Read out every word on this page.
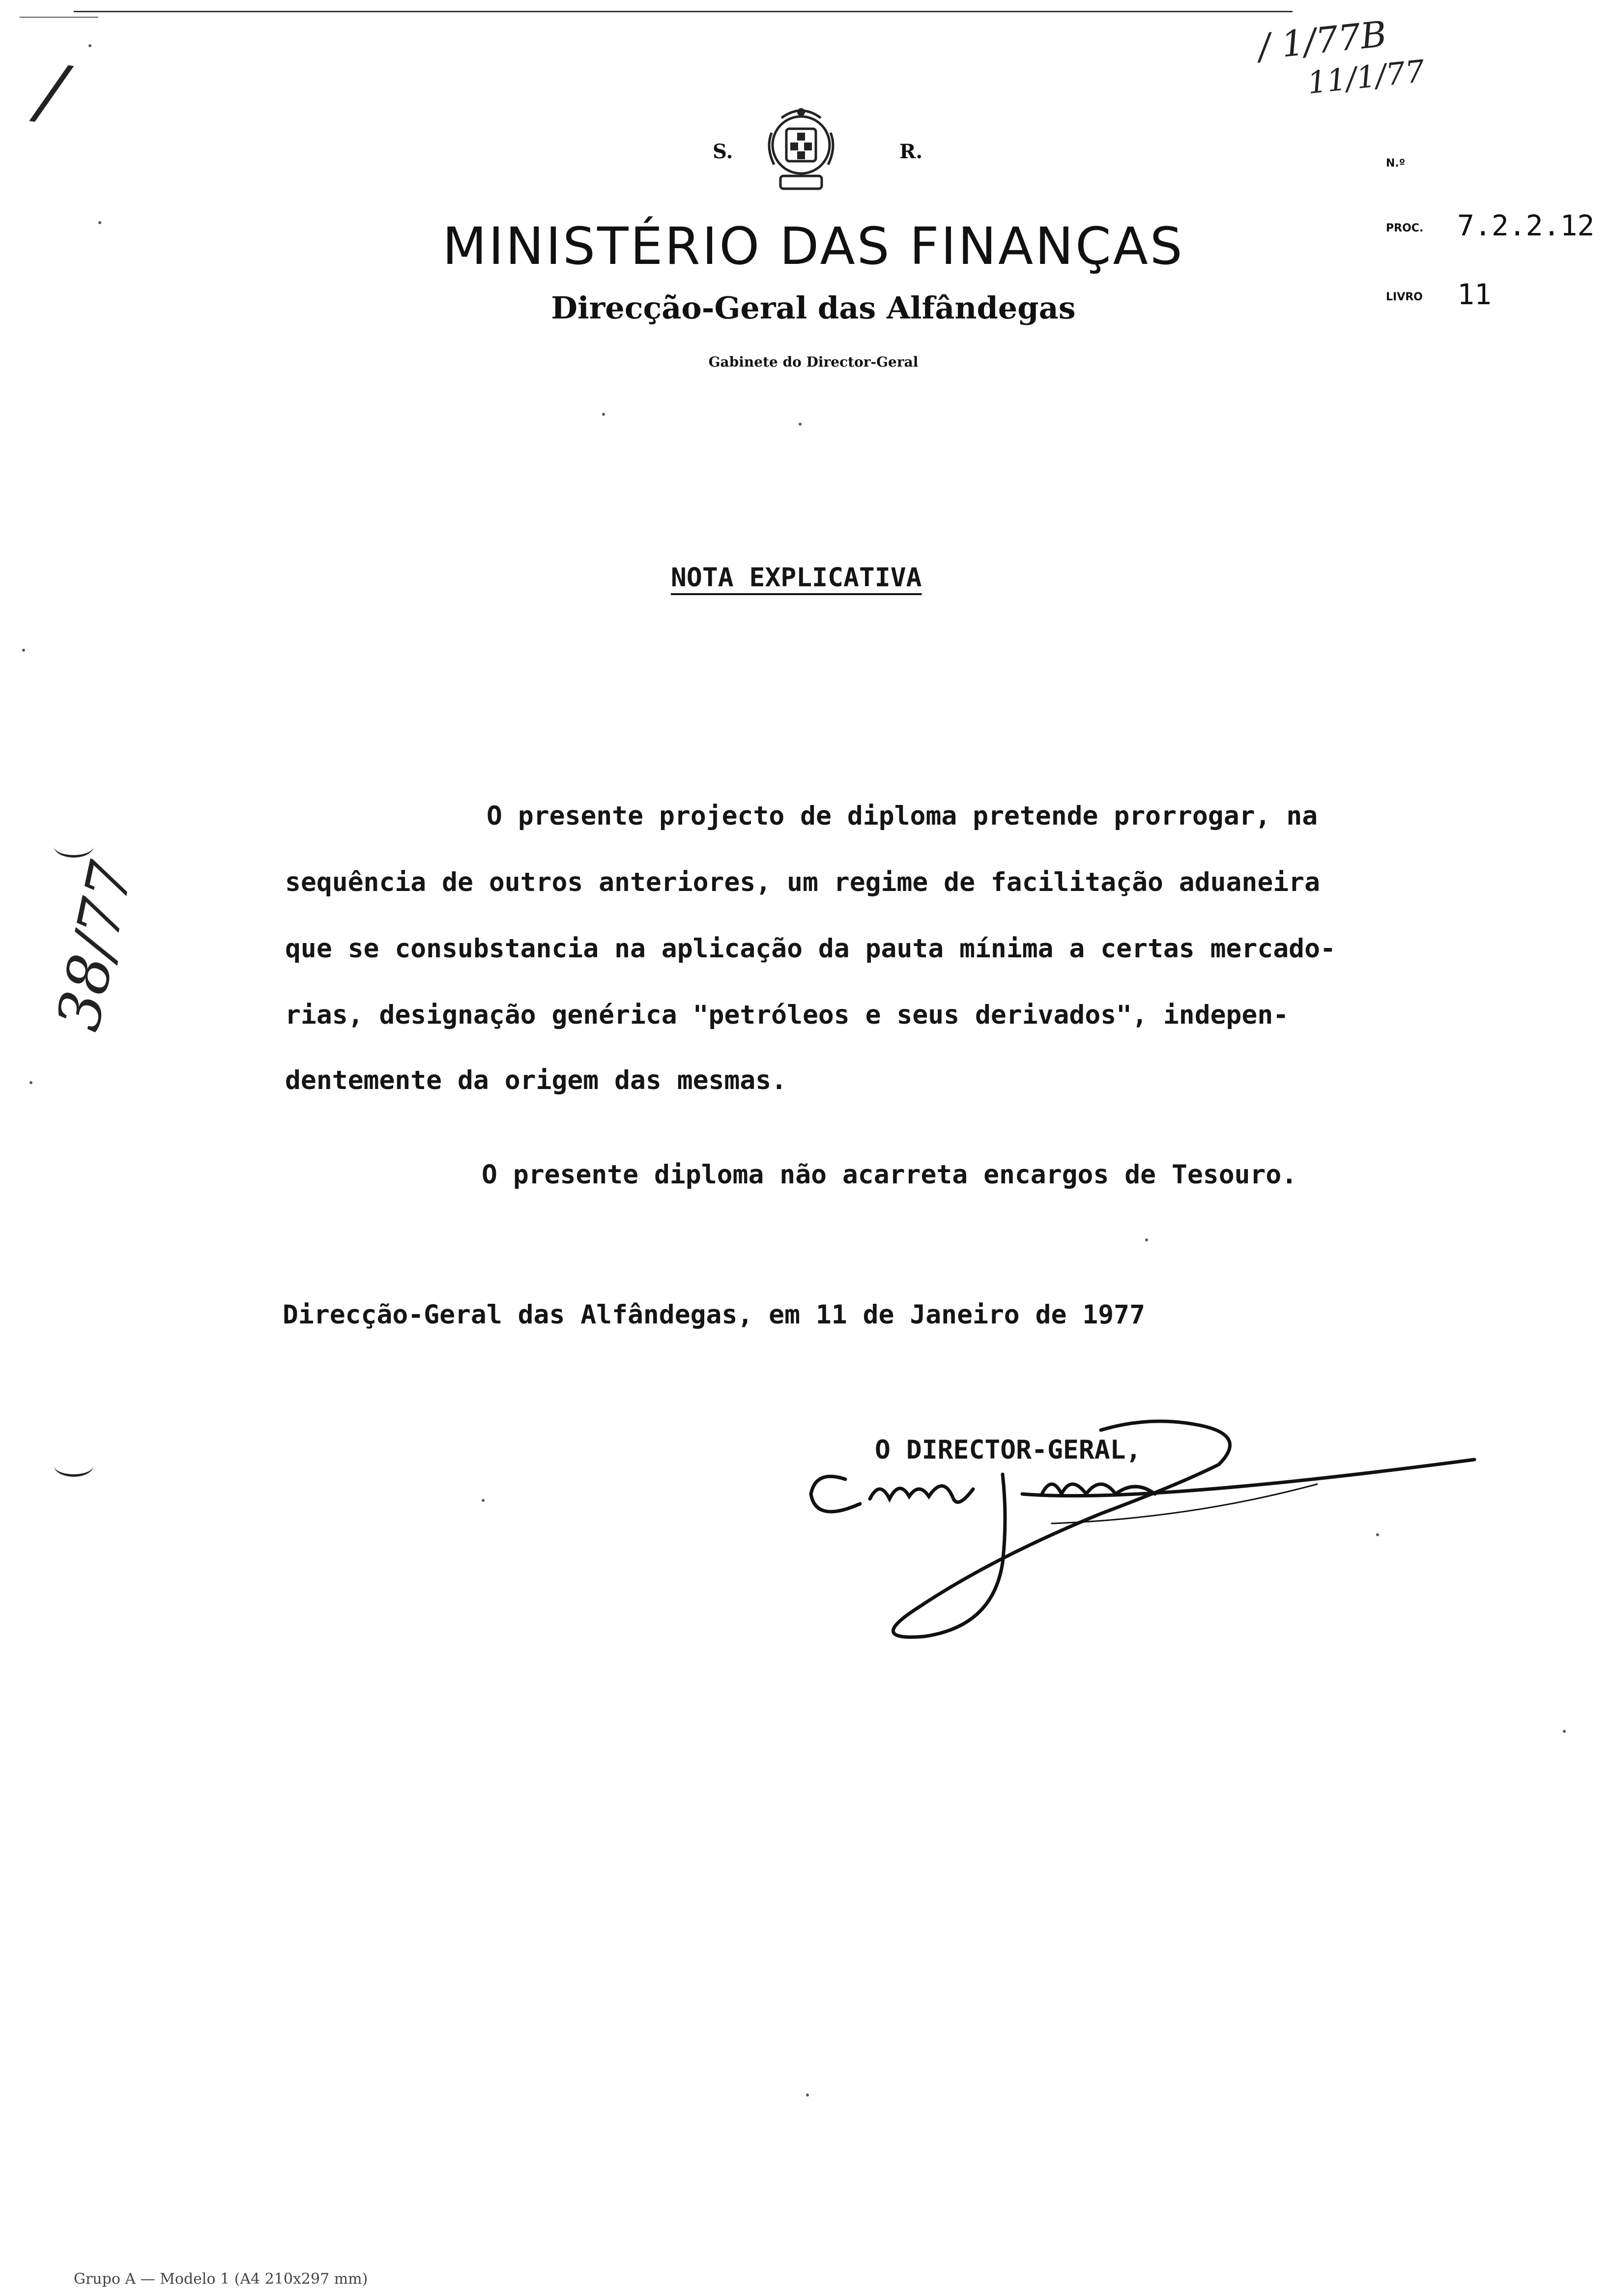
/
/ 1/77B
11/1/77
S.	R.
MINISTÉRIO DAS FINANÇAS
Direcção-Geral das Alfândegas
Gabinete do Director-Geral
N.º
PROC. 7.2.2.12
LIVRO 11
38/77
NOTA EXPLICATIVA
O presente projecto de diploma pretende prorrogar, na
sequência de outros anteriores, um regime de facilitação aduaneira
que se consubstancia na aplicação da pauta mínima a certas mercado-
rias, designação genérica "petróleos e seus derivados", indepen-
dentemente da origem das mesmas.
O presente diploma não acarreta encargos de Tesouro.
Direcção-Geral das Alfândegas, em 11 de Janeiro de 1977
O DIRECTOR-GERAL,
Grupo A — Modelo 1 (A4 210x297 mm)
